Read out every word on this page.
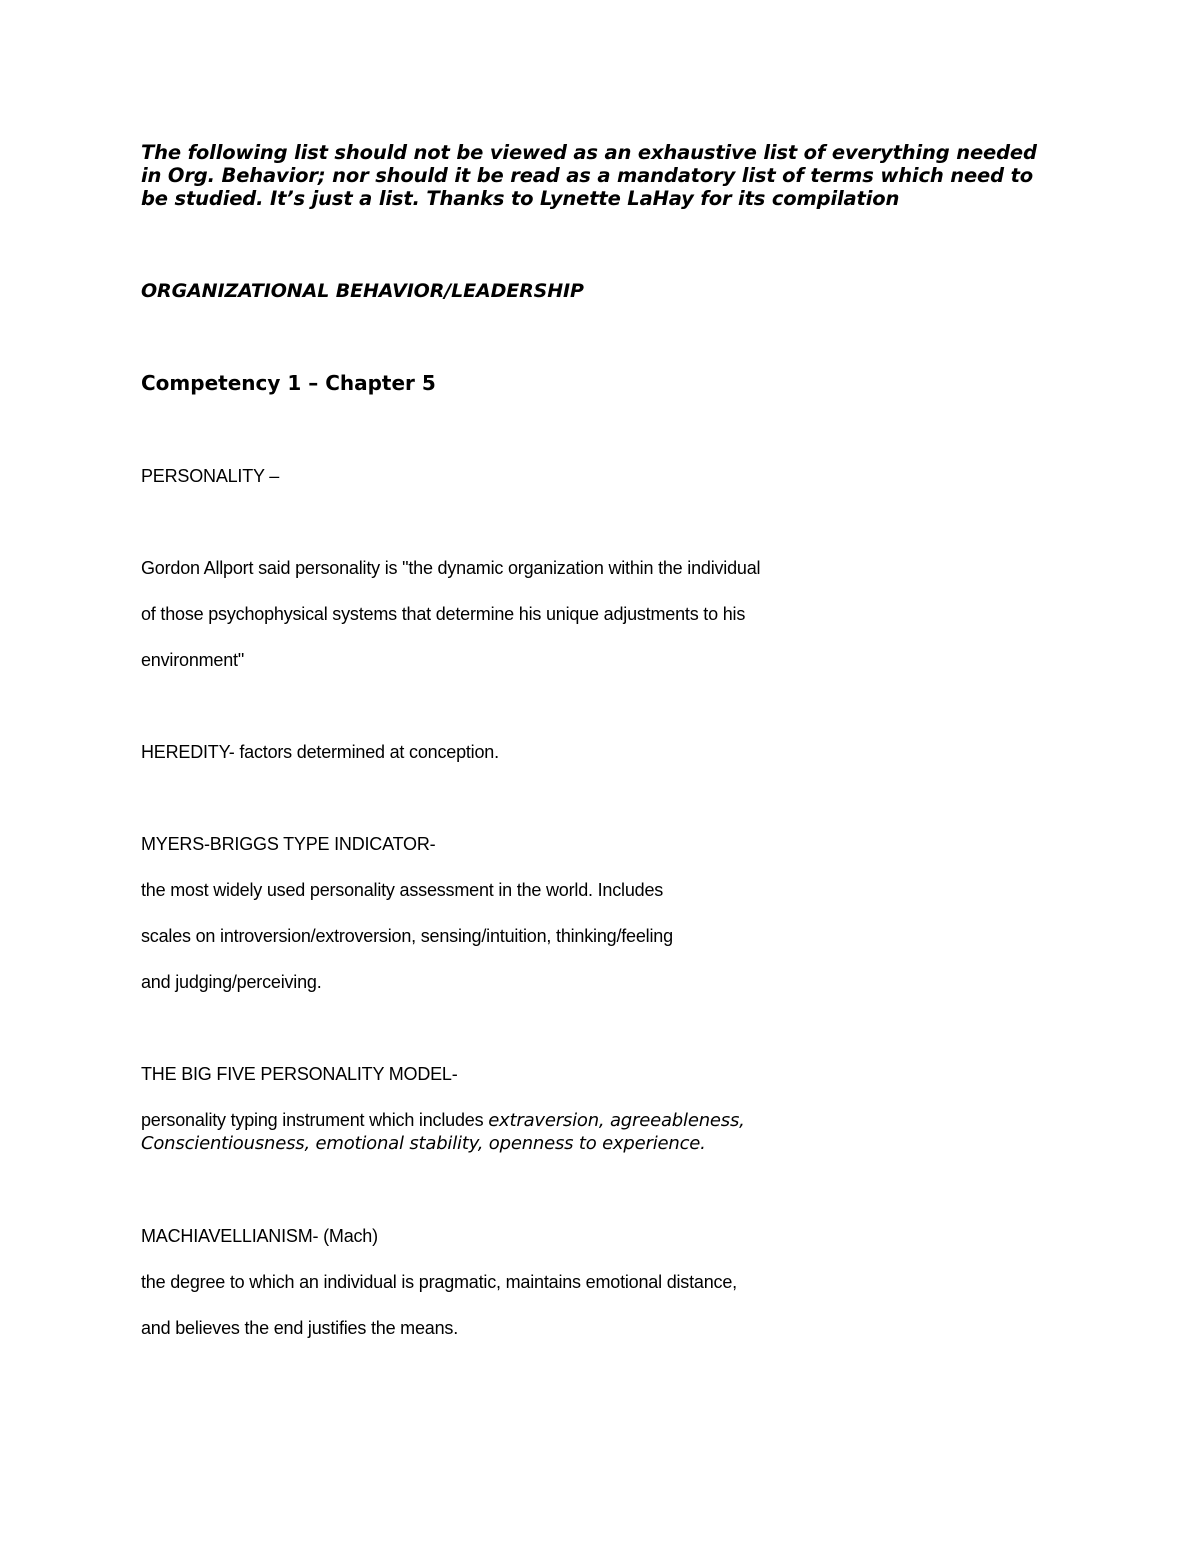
The following list should not be viewed as an exhaustive list of everything needed

in Org. Behavior; nor should it be read as a mandatory list of terms which need to

be studied. It’s just a list. Thanks to Lynette LaHay for its compilation

ORGANIZATIONAL BEHAVIOR/LEADERSHIP

Competency 1 – Chapter 5

PERSONALITY –

Gordon Allport said personality is "the dynamic organization within the individual

of those psychophysical systems that determine his unique adjustments to his

environment"

HEREDITY- factors determined at conception.

MYERS-BRIGGS TYPE INDICATOR-

the most widely used personality assessment in the world. Includes

scales on introversion/extroversion, sensing/intuition, thinking/feeling

and judging/perceiving.

THE BIG FIVE PERSONALITY MODEL-

personality typing instrument which includes extraversion, agreeableness,

Conscientiousness, emotional stability, openness to experience.

MACHIAVELLIANISM- (Mach)

the degree to which an individual is pragmatic, maintains emotional distance,

and believes the end justifies the means.
